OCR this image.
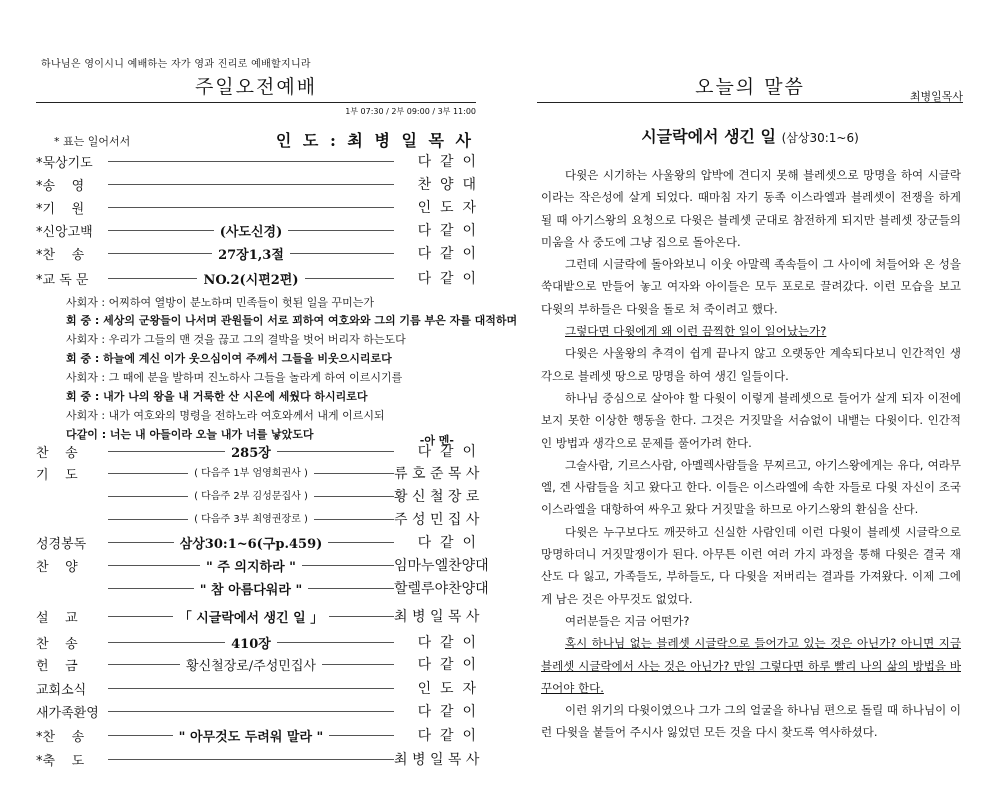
하나님은 영이시니 예배하는 자가 영과 진리로 예배할지니라
주일오전예배
1부 07:30 / 2부 09:00 / 3부 11:00
* 표는 일어서서	인 도 : 최 병 일 목 사
*묵상기도	다  같  이
*송    영	찬  양  대
*기    원	인  도  자
*신앙고백	(사도신경)	다  같  이
*찬    송	27장1,3절	다  같  이
*교 독 문	NO.2(시편2편)	다  같  이
사회자 : 어찌하여 열방이 분노하며 민족들이 헛된 일을 꾸미는가
회 중 : 세상의 군왕들이 나서며 관원들이 서로 꾀하여 여호와와 그의 기름 부은 자를 대적하며
사회자 : 우리가 그들의 맨 것을 끊고 그의 결박을 벗어 버리자 하는도다
회 중 : 하늘에 계신 이가 웃으심이여 주께서 그들을 비웃으시리로다
사회자 : 그 때에 분을 발하며 진노하사 그들을 놀라게 하여 이르시기를
회 중 : 내가 나의 왕을 내 거룩한 산 시온에 세웠다 하시리로다
사회자 : 내가 여호와의 명령을 전하노라 여호와께서 내게 이르시되
다같이 : 너는 내 아들이라 오늘 내가 너를 낳았도다	-아 멘-
찬    송	285장	다  같  이
기    도	( 다음주 1부 엄영희권사 )	류 호 준 목 사
( 다음주 2부 김성문집사 )	황 신 철 장 로
( 다음주 3부 최영권장로 )	주 성 민 집 사
성경봉독	삼상30:1~6(구p.459)	다  같  이
찬    양	" 주 의지하라 "	임마누엘찬양대
" 참 아름다워라 "	할렐루야찬양대
설    교	「 시글락에서 생긴 일 」	최 병 일 목 사
찬    송	410장	다  같  이
헌    금	황신철장로/주성민집사	다  같  이
교회소식	인  도  자
새가족환영	다  같  이
*찬    송	" 아무것도 두려워 말라 "	다  같  이
*축    도	최 병 일 목 사
오늘의 말씀	최병일목사
시글락에서 생긴 일 (삼상30:1~6)

다윗은 시기하는 사울왕의 압박에 견디지 못해 블레셋으로 망명을 하여 시글락이라는 작은성에 살게 되었다. 때마침 자기 동족 이스라엘과 블레셋이 전쟁을 하게 될 때 아기스왕의 요청으로 다윗은 블레셋 군대로 참전하게 되지만 블레셋 장군들의 미움을 사 중도에 그냥 집으로 돌아온다.

그런데 시글락에 돌아와보니 이웃 아말렉 족속들이 그 사이에 쳐들어와 온 성을 쑥대밭으로 만들어 놓고 여자와 아이들은 모두 포로로 끌려갔다. 이런 모습을 보고 다윗의 부하들은 다윗을 돌로 쳐 죽이려고 했다.

그렇다면 다윗에게 왜 이런 끔찍한 일이 일어났는가?

다윗은 사울왕의 추격이 쉽게 끝나지 않고 오랫동안 계속되다보니 인간적인 생각으로 블레셋 땅으로 망명을 하여 생긴 일들이다.

하나님 중심으로 살아야 할 다윗이 이렇게 블레셋으로 들어가 살게 되자 이전에 보지 못한 이상한 행동을 한다. 그것은 거짓말을 서슴없이 내뱉는 다윗이다. 인간적인 방법과 생각으로 문제를 풀어가려 한다.

그술사람, 기르스사람, 아멜렉사람들을 무찌르고, 아기스왕에게는 유다, 여라무엘, 겐 사람들을 치고 왔다고 한다. 이들은 이스라엘에 속한 자들로 다윗 자신이 조국 이스라엘을 대항하여 싸우고 왔다 거짓말을 하므로 아기스왕의 환심을 산다.

다윗은 누구보다도 깨끗하고 신실한 사람인데 이런 다윗이 블레셋 시글락으로 망명하더니 거짓말쟁이가 된다. 아무튼 이런 여러 가지 과정을 통해 다윗은 결국 재산도 다 잃고, 가족들도, 부하들도, 다 다윗을 저버리는 결과를 가져왔다. 이제 그에게 남은 것은 아무것도 없었다.

여러분들은 지금 어떤가?

혹시 하나님 없는 블레셋 시글락으로 들어가고 있는 것은 아닌가? 아니면 지금 블레셋 시글락에서 사는 것은 아닌가? 만일 그렇다면 하루 빨리 나의 삶의 방법을 바꾸어야 한다.

이런 위기의 다윗이였으나 그가 그의 얼굴을 하나님 편으로 돌릴 때 하나님이 이런 다윗을 붙들어 주시사 잃었던 모든 것을 다시 찾도록 역사하셨다.
